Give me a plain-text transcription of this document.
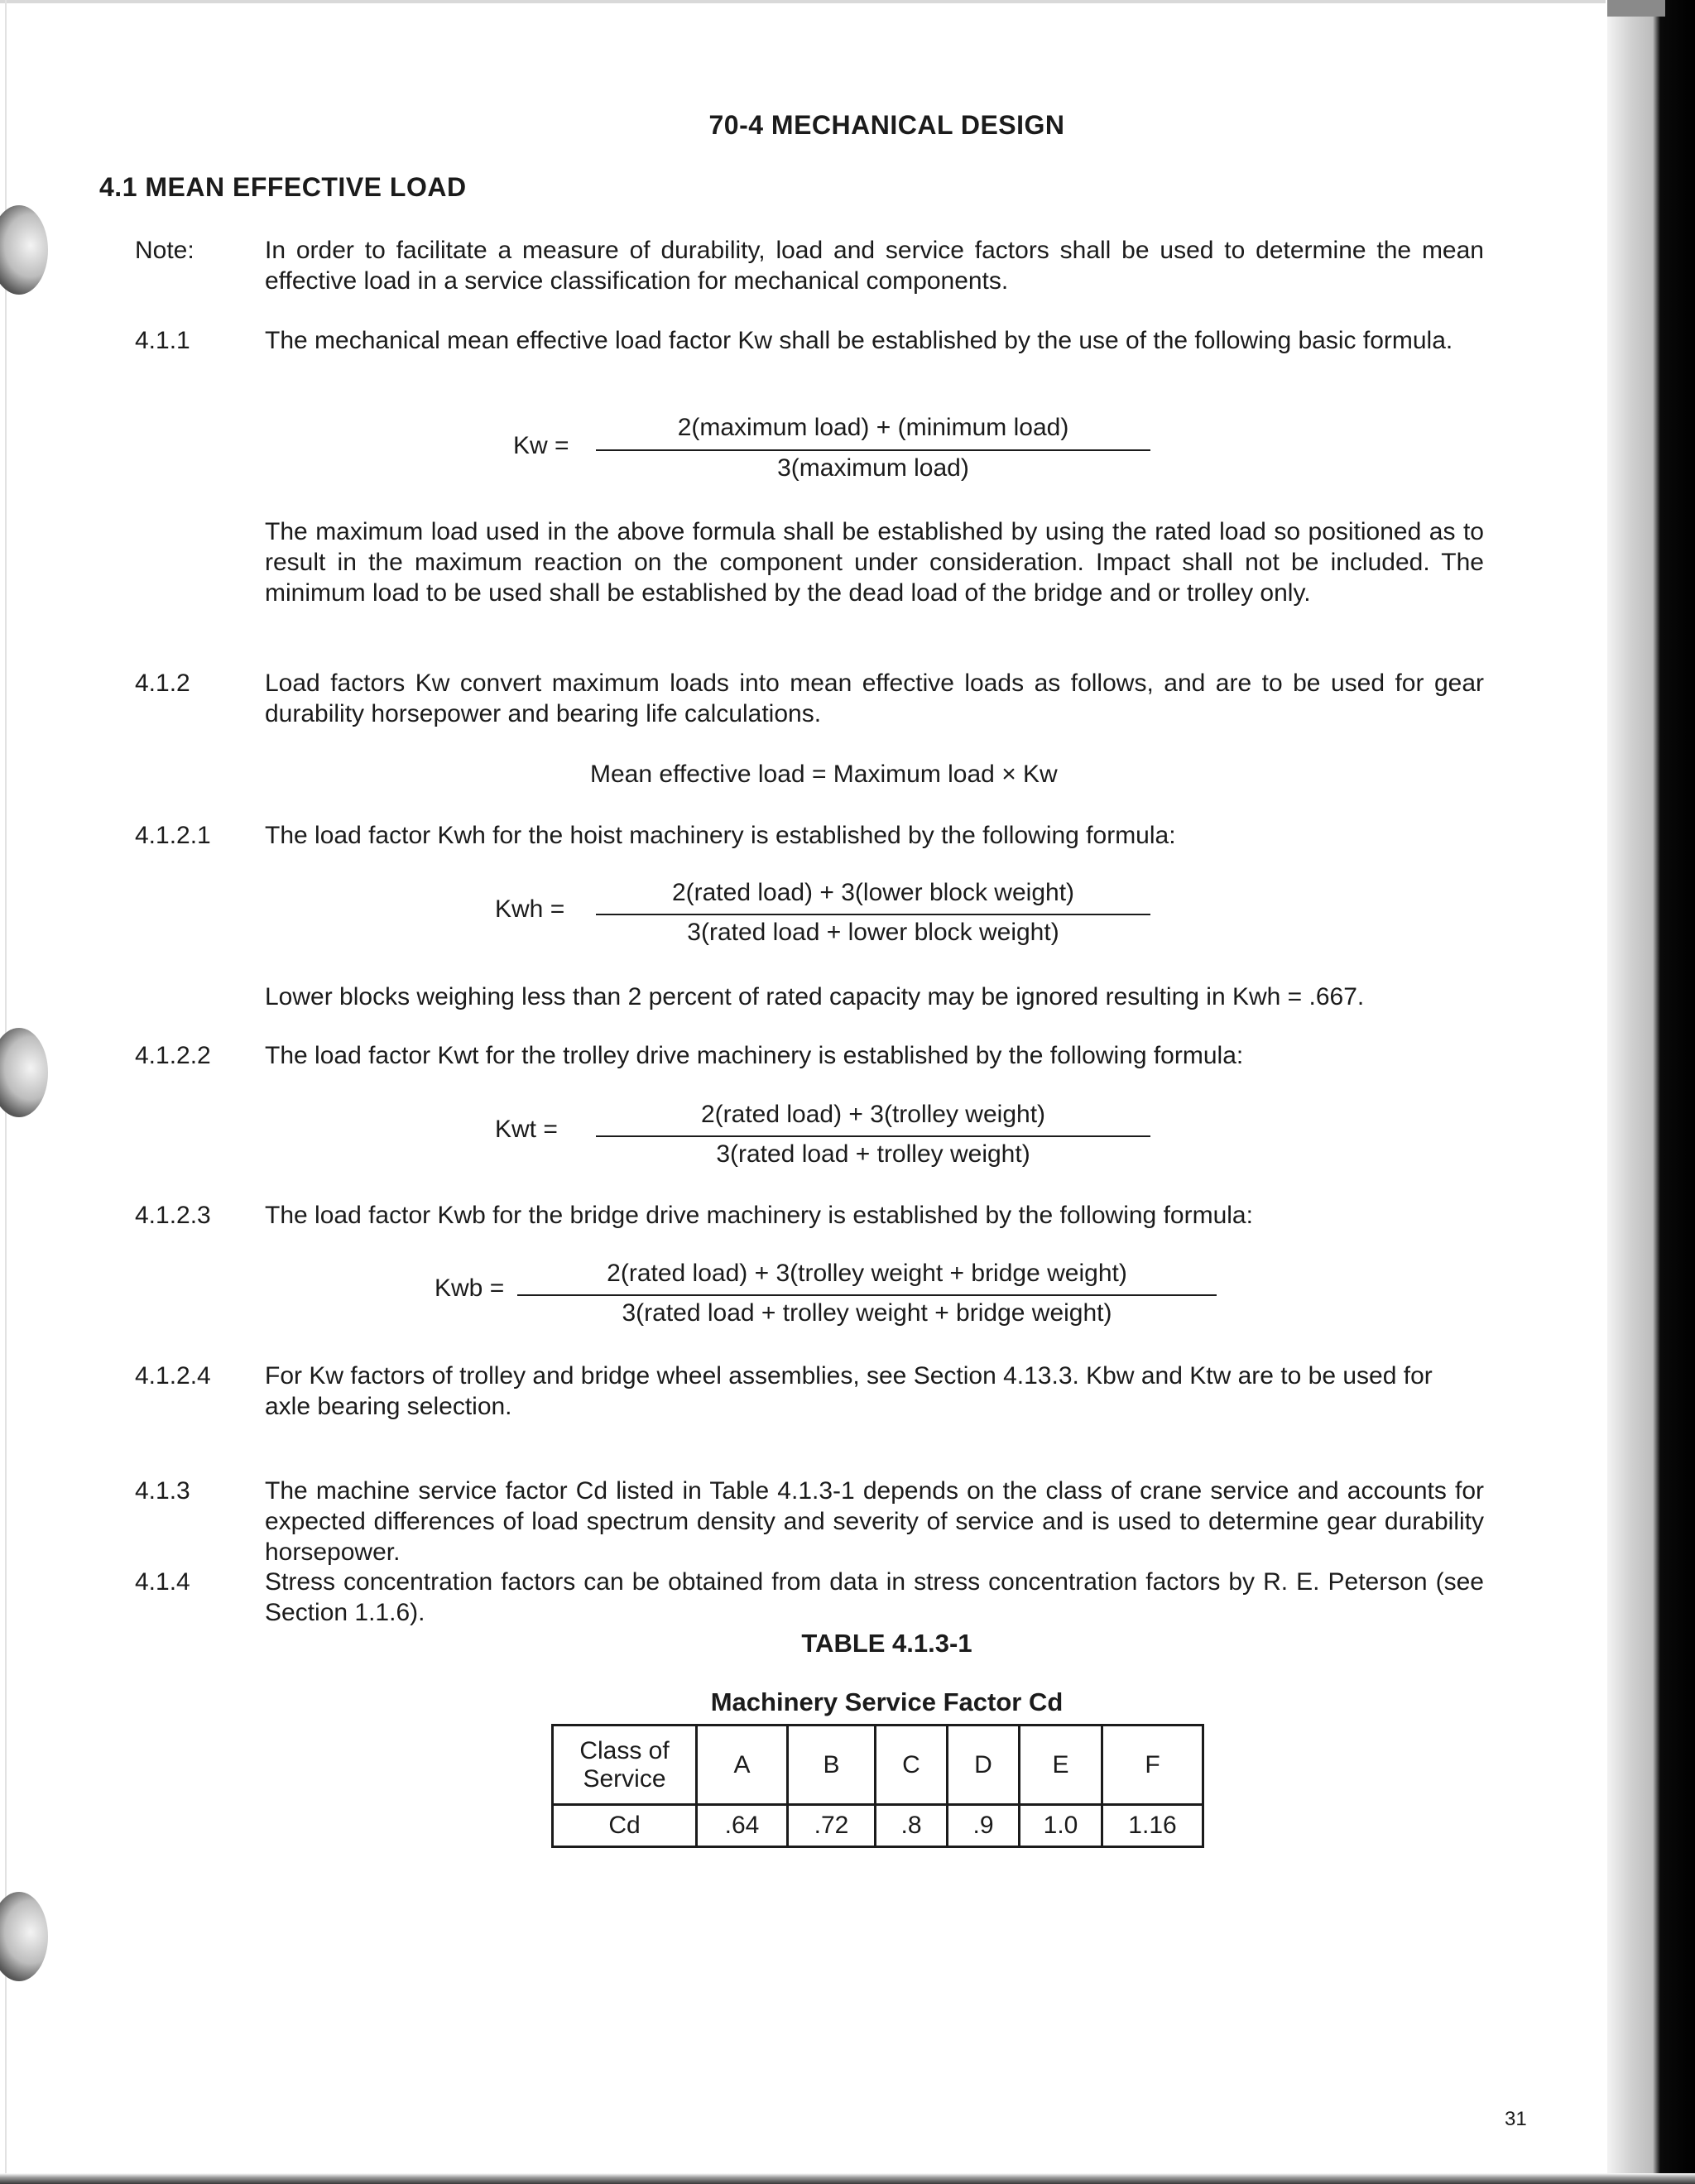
70-4 MECHANICAL DESIGN
4.1 MEAN EFFECTIVE LOAD
Note:	In order to facilitate a measure of durability, load and service factors shall be used to determine the mean effective load in a service classification for mechanical components.
4.1.1	The mechanical mean effective load factor Kw shall be established by the use of the following basic formula.
Kw =
2(maximum load) + (minimum load)
3(maximum load)
The maximum load used in the above formula shall be established by using the rated load so positioned as to result in the maximum reaction on the component under consideration. Impact shall not be included. The minimum load to be used shall be established by the dead load of the bridge and or trolley only.
4.1.2	Load factors Kw convert maximum loads into mean effective loads as follows, and are to be used for gear durability horsepower and bearing life calculations.
Mean effective load = Maximum load × Kw
4.1.2.1 The load factor Kwh for the hoist machinery is established by the following formula:
Kwh =
2(rated load) + 3(lower block weight)
3(rated load + lower block weight)
Lower blocks weighing less than 2 percent of rated capacity may be ignored resulting in Kwh = .667.
4.1.2.2 The load factor Kwt for the trolley drive machinery is established by the following formula:
Kwt =
2(rated load) + 3(trolley weight)
3(rated load + trolley weight)
4.1.2.3 The load factor Kwb for the bridge drive machinery is established by the following formula:
Kwb =
2(rated load) + 3(trolley weight + bridge weight)
3(rated load + trolley weight + bridge weight)
4.1.2.4 For Kw factors of trolley and bridge wheel assemblies, see Section 4.13.3. Kbw and Ktw are to be used for axle bearing selection.
4.1.3	The machine service factor Cd listed in Table 4.1.3-1 depends on the class of crane service and accounts for expected differences of load spectrum density and severity of service and is used to determine gear durability horsepower.
4.1.4	Stress concentration factors can be obtained from data in stress concentration factors by R. E. Peterson (see Section 1.1.6).
TABLE 4.1.3-1
Machinery Service Factor Cd
Class of Service	A	B	C	D	E	F
Cd	.64	.72	.8	.9	1.0	1.16
31
